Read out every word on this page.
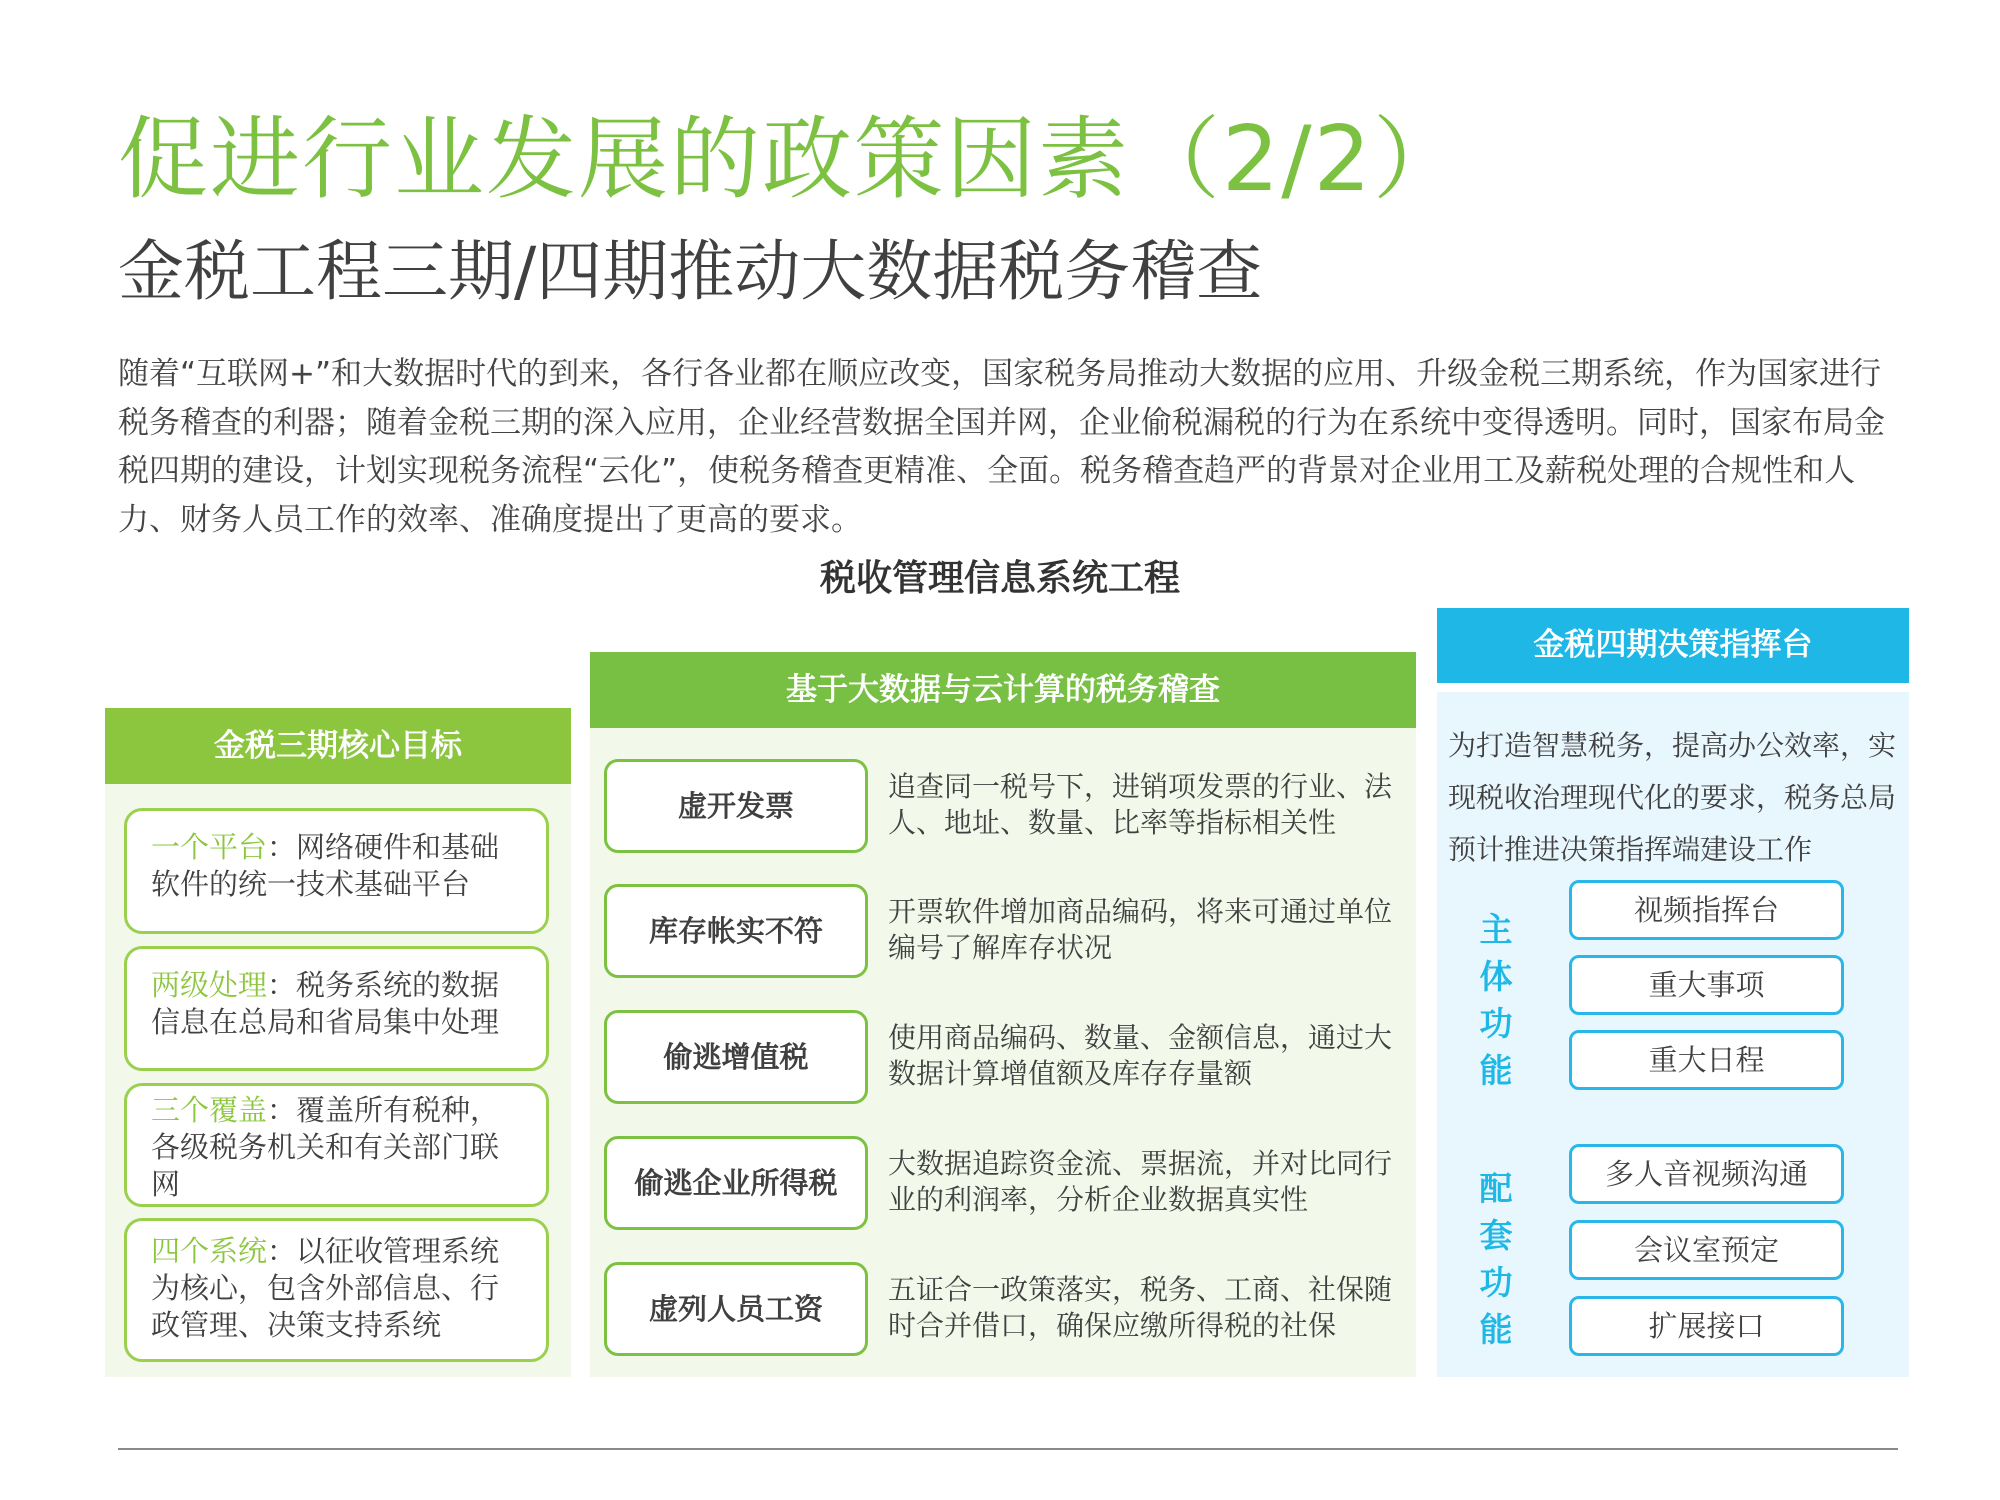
促进行业发展的政策因素（2/2）
金税工程三期/四期推动大数据税务稽查
随着“互联网+”和大数据时代的到来，各行各业都在顺应改变，国家税务局推动大数据的应用、升级金税三期系统，作为国家进行税务稽查的利器；随着金税三期的深入应用，企业经营数据全国并网，企业偷税漏税的行为在系统中变得透明。同时，国家布局金税四期的建设，计划实现税务流程“云化”，使税务稽查更精准、全面。税务稽查趋严的背景对企业用工及薪税处理的合规性和人力、财务人员工作的效率、准确度提出了更高的要求。
税收管理信息系统工程
金税三期核心目标
一个平台：网络硬件和基础软件的统一技术基础平台
两级处理：税务系统的数据信息在总局和省局集中处理
三个覆盖：覆盖所有税种，各级税务机关和有关部门联网
四个系统：以征收管理系统为核心，包含外部信息、行政管理、决策支持系统
基于大数据与云计算的税务稽查
虚开发票
追查同一税号下，进销项发票的行业、法人、地址、数量、比率等指标相关性
库存帐实不符
开票软件增加商品编码，将来可通过单位编号了解库存状况
偷逃增值税
使用商品编码、数量、金额信息，通过大数据计算增值额及库存存量额
偷逃企业所得税
大数据追踪资金流、票据流，并对比同行业的利润率，分析企业数据真实性
虚列人员工资
五证合一政策落实，税务、工商、社保随时合并借口，确保应缴所得税的社保
金税四期决策指挥台
为打造智慧税务，提高办公效率，实现税收治理现代化的要求，税务总局预计推进决策指挥端建设工作
主体功能
配套功能
视频指挥台
重大事项
重大日程
多人音视频沟通
会议室预定
扩展接口
